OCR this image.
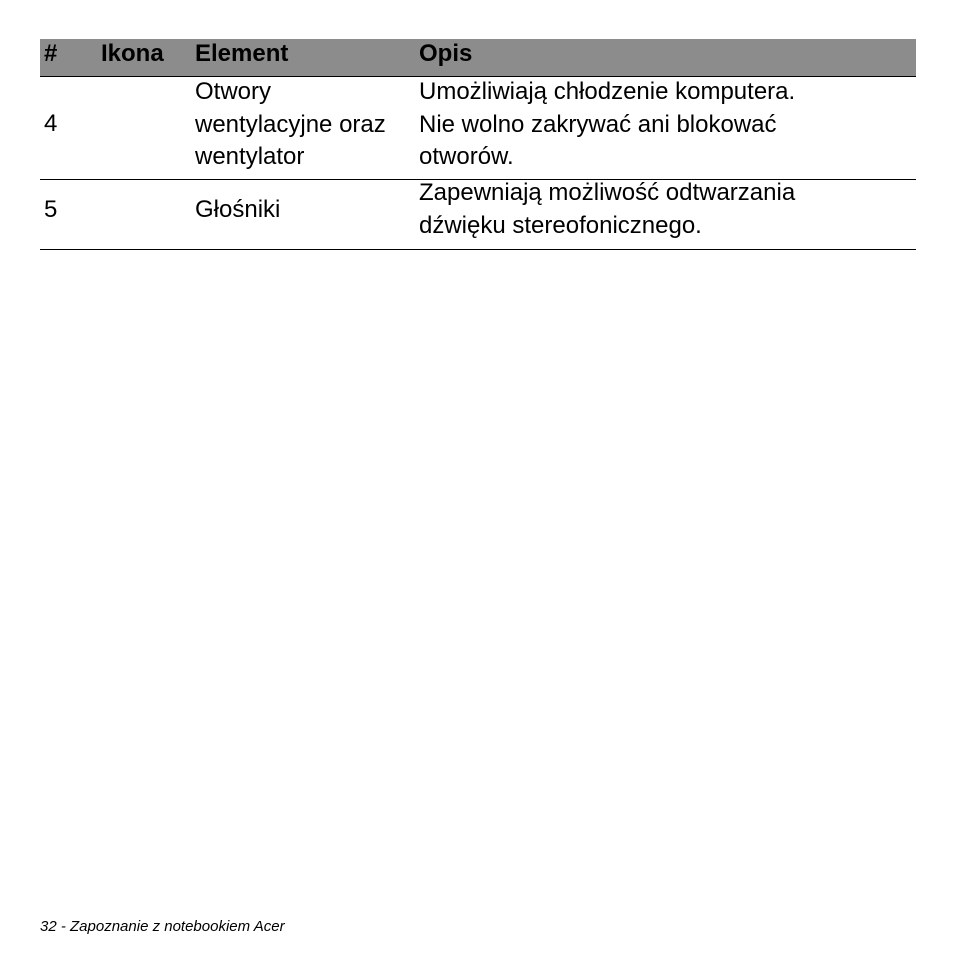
# Ikona Element	Opis
4
Otwory
wentylacyjne oraz
wentylator
Umożliwiają chłodzenie komputera.
Nie wolno zakrywać ani blokować
otworów.
5	Głośniki
Zapewniają możliwość odtwarzania
dźwięku stereofonicznego.
32 - Zapoznanie z notebookiem Acer
